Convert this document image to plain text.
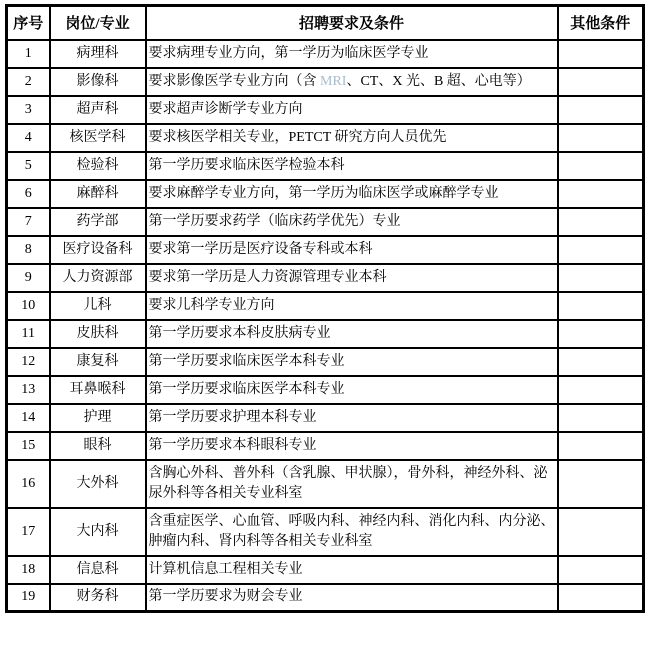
序号	岗位/专业	招聘要求及条件	其他条件
1	病理科	要求病理专业方向，第一学历为临床医学专业	
2	影像科	要求影像医学专业方向（含 MRI、CT、X 光、B 超、心电等）	
3	超声科	要求超声诊断学专业方向	
4	核医学科	要求核医学相关专业，PETCT 研究方向人员优先	
5	检验科	第一学历要求临床医学检验本科	
6	麻醉科	要求麻醉学专业方向，第一学历为临床医学或麻醉学专业	
7	药学部	第一学历要求药学（临床药学优先）专业	
8	医疗设备科	要求第一学历是医疗设备专科或本科	
9	人力资源部	要求第一学历是人力资源管理专业本科	
10	儿科	要求儿科学专业方向	
11	皮肤科	第一学历要求本科皮肤病专业	
12	康复科	第一学历要求临床医学本科专业	
13	耳鼻喉科	第一学历要求临床医学本科专业	
14	护理	第一学历要求护理本科专业	
15	眼科	第一学历要求本科眼科专业	
16	大外科	含胸心外科、普外科（含乳腺、甲状腺），骨外科，神经外科、泌尿外科等各相关专业科室	
17	大内科	含重症医学、心血管、呼吸内科、神经内科、消化内科、内分泌、肿瘤内科、肾内科等各相关专业科室	
18	信息科	计算机信息工程相关专业	
19	财务科	第一学历要求为财会专业	
